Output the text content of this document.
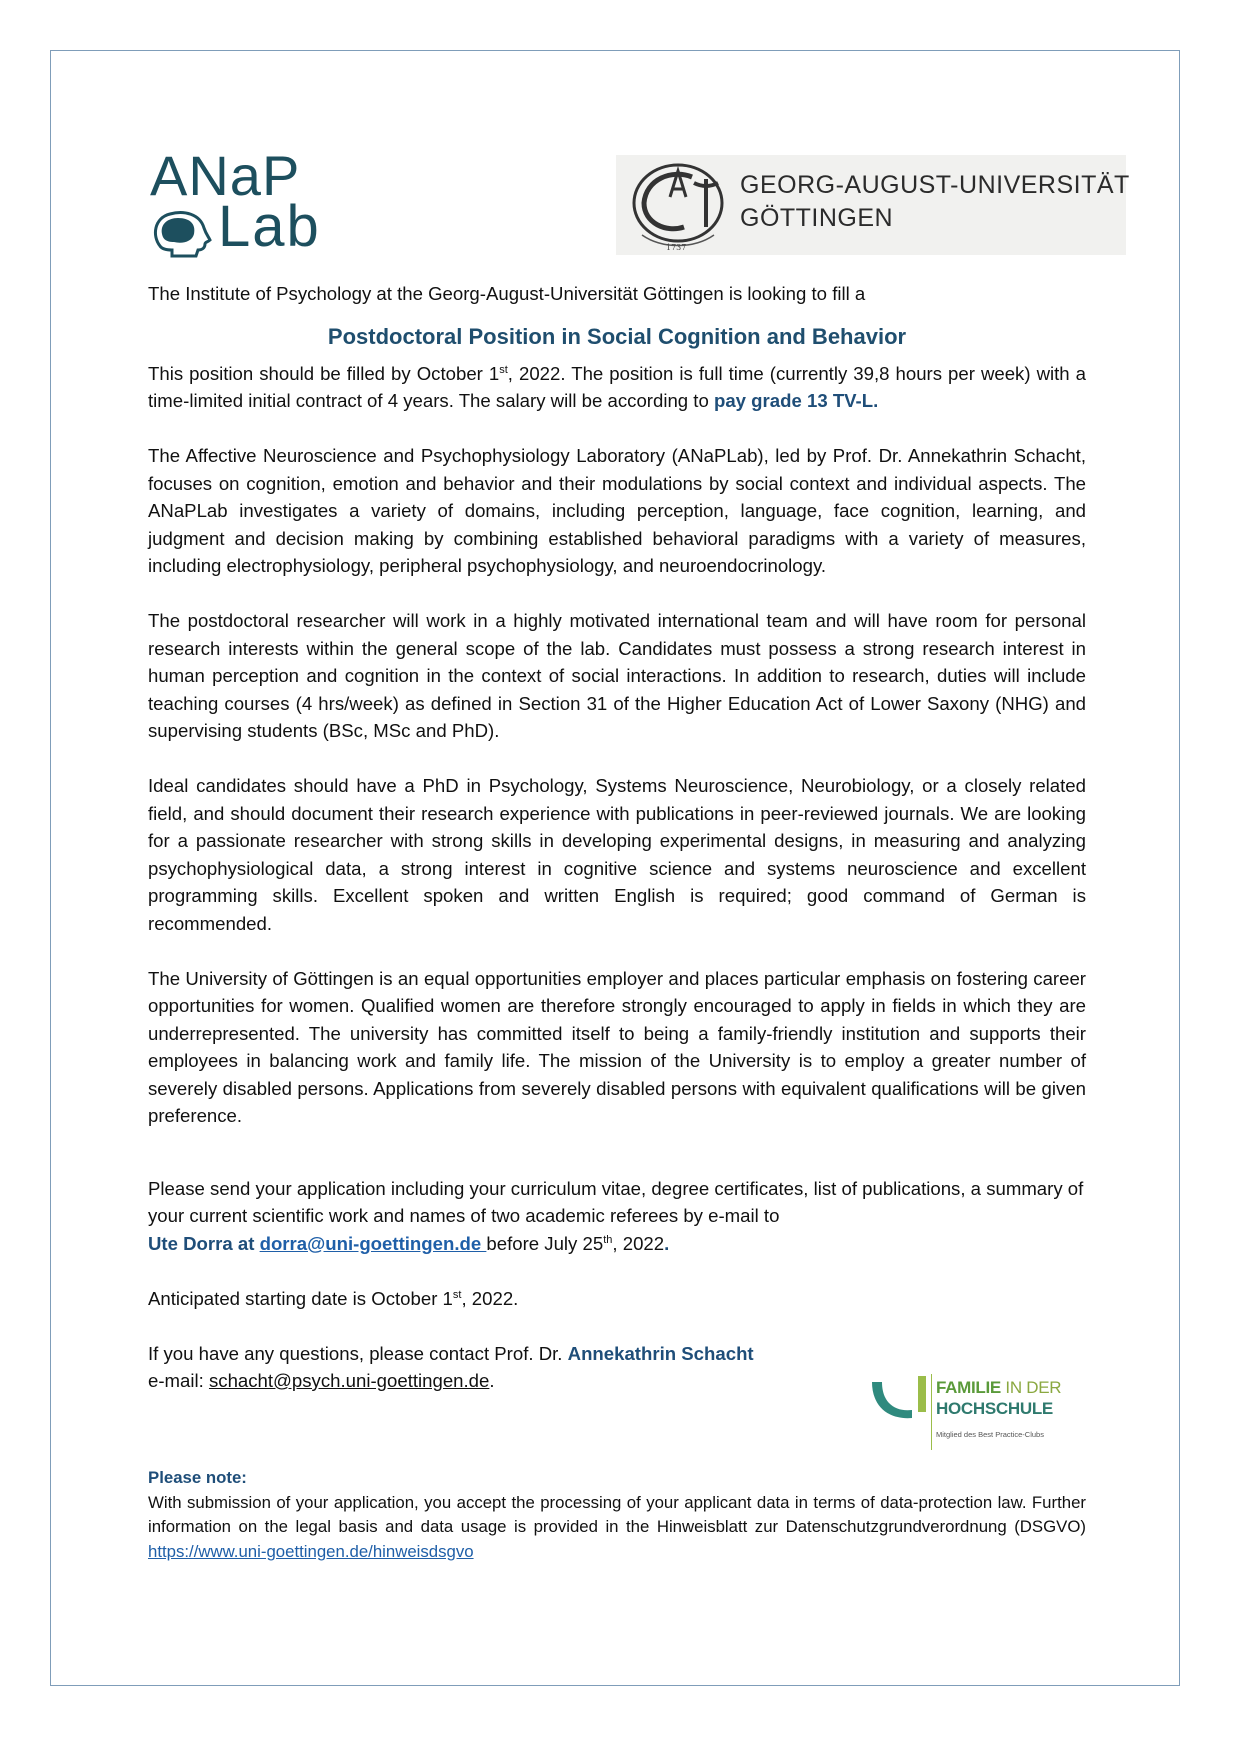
ANaP
Lab	1737
GEORG-AUGUST-UNIVERSITÄT
GÖTTINGEN

The Institute of Psychology at the Georg-August-Universität Göttingen is looking to fill a

Postdoctoral Position in Social Cognition and Behavior

This position should be filled by October 1st, 2022. The position is full time (currently 39,8 hours per week) with a time-limited initial contract of 4 years. The salary will be according to pay grade 13 TV-L.

The Affective Neuroscience and Psychophysiology Laboratory (ANaPLab), led by Prof. Dr. Annekathrin Schacht, focuses on cognition, emotion and behavior and their modulations by social context and individual aspects. The ANaPLab investigates a variety of domains, including perception, language, face cognition, learning, and judgment and decision making by combining established behavioral paradigms with a variety of measures, including electrophysiology, peripheral psychophysiology, and neuroendocrinology.

The postdoctoral researcher will work in a highly motivated international team and will have room for personal research interests within the general scope of the lab. Candidates must possess a strong research interest in human perception and cognition in the context of social interactions. In addition to research, duties will include teaching courses (4 hrs/week) as defined in Section 31 of the Higher Education Act of Lower Saxony (NHG) and supervising students (BSc, MSc and PhD).

Ideal candidates should have a PhD in Psychology, Systems Neuroscience, Neurobiology, or a closely related field, and should document their research experience with publications in peer-reviewed journals. We are looking for a passionate researcher with strong skills in developing experimental designs, in measuring and analyzing psychophysiological data, a strong interest in cognitive science and systems neuroscience and excellent programming skills. Excellent spoken and written English is required; good command of German is recommended.

The University of Göttingen is an equal opportunities employer and places particular emphasis on fostering career opportunities for women. Qualified women are therefore strongly encouraged to apply in fields in which they are underrepresented. The university has committed itself to being a family-friendly institution and supports their employees in balancing work and family life. The mission of the University is to employ a greater number of severely disabled persons. Applications from severely disabled persons with equivalent qualifications will be given preference.

Please send your application including your curriculum vitae, degree certificates, list of publications, a summary of your current scientific work and names of two academic referees by e-mail to
Ute Dorra at dorra@uni-goettingen.de before July 25th, 2022.

Anticipated starting date is October 1st, 2022.

If you have any questions, please contact Prof. Dr. Annekathrin Schacht
e-mail: schacht@psych.uni-goettingen.de.	FAMILIE IN DER
HOCHSCHULE
Mitglied des Best Practice-Clubs
Please note:
With submission of your application, you accept the processing of your applicant data in terms of data-protection law. Further information on the legal basis and data usage is provided in the Hinweisblatt zur Datenschutzgrundverordnung (DSGVO) https://www.uni-goettingen.de/hinweisdsgvo
